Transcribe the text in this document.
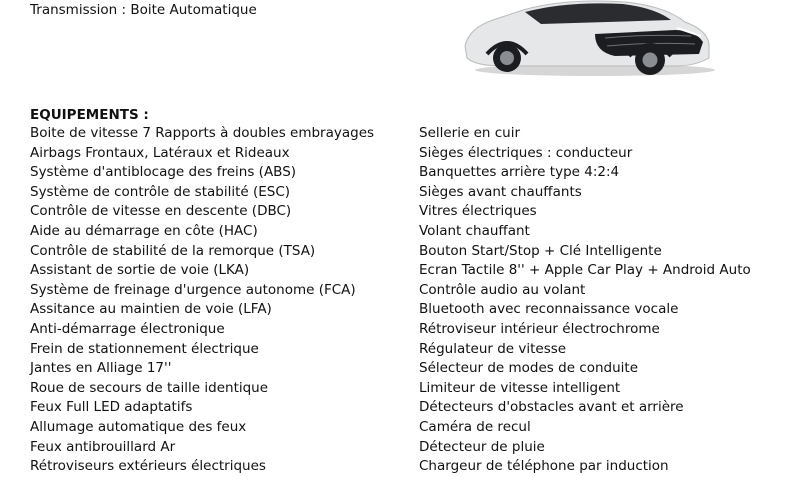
Transmission : Boite Automatique
EQUIPEMENTS :
Boite de vitesse 7 Rapports à doubles embrayages
Airbags Frontaux, Latéraux et Rideaux
Système d'antiblocage des freins (ABS)
Système de contrôle de stabilité (ESC)
Contrôle de vitesse en descente (DBC)
Aide au démarrage en côte (HAC)
Contrôle de stabilité de la remorque (TSA)
Assistant de sortie de voie (LKA)
Système de freinage d'urgence autonome (FCA)
Assitance au maintien de voie (LFA)
Anti-démarrage électronique
Frein de stationnement électrique
Jantes en Alliage 17''
Roue de secours de taille identique
Feux Full LED adaptatifs
Allumage automatique des feux
Feux antibrouillard Ar
Rétroviseurs extérieurs électriques
Sellerie en cuir
Sièges électriques : conducteur
Banquettes arrière type 4:2:4
Sièges avant chauffants
Vitres électriques
Volant chauffant
Bouton Start/Stop + Clé Intelligente
Ecran Tactile 8'' + Apple Car Play + Android Auto
Contrôle audio au volant
Bluetooth avec reconnaissance vocale
Rétroviseur intérieur électrochrome
Régulateur de vitesse
Sélecteur de modes de conduite
Limiteur de vitesse intelligent
Détecteurs d'obstacles avant et arrière
Caméra de recul
Détecteur de pluie
Chargeur de téléphone par induction
